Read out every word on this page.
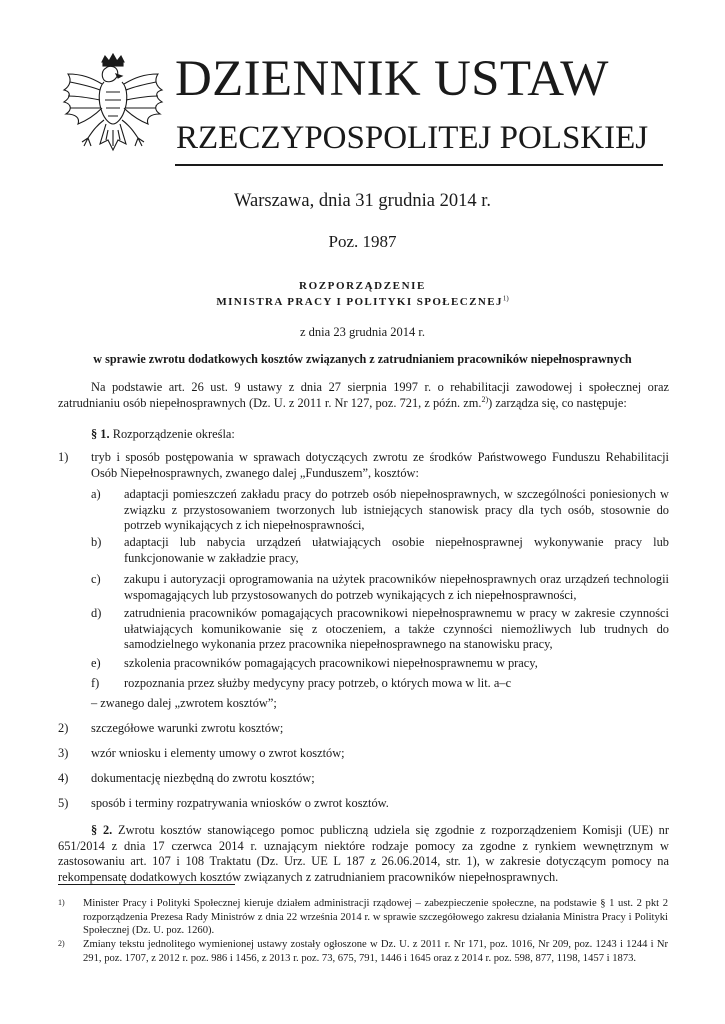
DZIENNIK USTAW
RZECZYPOSPOLITEJ POLSKIEJ
Warszawa, dnia 31 grudnia 2014 r.
Poz. 1987
ROZPORZĄDZENIE
MINISTRA PRACY I POLITYKI SPOŁECZNEJ$^{1)}$
z dnia 23 grudnia 2014 r.
w sprawie zwrotu dodatkowych kosztów związanych z zatrudnianiem pracowników niepełnosprawnych
Na podstawie art. 26 ust. 9 ustawy z dnia 27 sierpnia 1997 r. o rehabilitacji zawodowej i społecznej oraz zatrudnianiu osób niepełnosprawnych (Dz. U. z 2011 r. Nr 127, poz. 721, z późn. zm.$^{2)}$) zarządza się, co następuje:
§ 1. Rozporządzenie określa:
1) tryb i sposób postępowania w sprawach dotyczących zwrotu ze środków Państwowego Funduszu Rehabilitacji Osób Niepełnosprawnych, zwanego dalej „Funduszem”, kosztów:
a) adaptacji pomieszczeń zakładu pracy do potrzeb osób niepełnosprawnych, w szczególności poniesionych w związku z przystosowaniem tworzonych lub istniejących stanowisk pracy dla tych osób, stosownie do potrzeb wynikających z ich niepełnosprawności,
b) adaptacji lub nabycia urządzeń ułatwiających osobie niepełnosprawnej wykonywanie pracy lub funkcjonowanie w zakładzie pracy,
c) zakupu i autoryzacji oprogramowania na użytek pracowników niepełnosprawnych oraz urządzeń technologii wspomagających lub przystosowanych do potrzeb wynikających z ich niepełnosprawności,
d) zatrudnienia pracowników pomagających pracownikowi niepełnosprawnemu w pracy w zakresie czynności ułatwiających komunikowanie się z otoczeniem, a także czynności niemożliwych lub trudnych do samodzielnego wykonania przez pracownika niepełnosprawnego na stanowisku pracy,
e) szkolenia pracowników pomagających pracownikowi niepełnosprawnemu w pracy,
f) rozpoznania przez służby medycyny pracy potrzeb, o których mowa w lit. a–c
– zwanego dalej „zwrotem kosztów”;
2) szczegółowe warunki zwrotu kosztów;
3) wzór wniosku i elementy umowy o zwrot kosztów;
4) dokumentację niezbędną do zwrotu kosztów;
5) sposób i terminy rozpatrywania wniosków o zwrot kosztów.
§ 2. Zwrotu kosztów stanowiącego pomoc publiczną udziela się zgodnie z rozporządzeniem Komisji (UE) nr 651/2014 z dnia 17 czerwca 2014 r. uznającym niektóre rodzaje pomocy za zgodne z rynkiem wewnętrznym w zastosowaniu art. 107 i 108 Traktatu (Dz. Urz. UE L 187 z 26.06.2014, str. 1), w zakresie dotyczącym pomocy na rekompensatę dodatkowych kosztów związanych z zatrudnianiem pracowników niepełnosprawnych.
1) Minister Pracy i Polityki Społecznej kieruje działem administracji rządowej – zabezpieczenie społeczne, na podstawie § 1 ust. 2 pkt 2 rozporządzenia Prezesa Rady Ministrów z dnia 22 września 2014 r. w sprawie szczegółowego zakresu działania Ministra Pracy i Polityki Społecznej (Dz. U. poz. 1260).
2) Zmiany tekstu jednolitego wymienionej ustawy zostały ogłoszone w Dz. U. z 2011 r. Nr 171, poz. 1016, Nr 209, poz. 1243 i 1244 i Nr 291, poz. 1707, z 2012 r. poz. 986 i 1456, z 2013 r. poz. 73, 675, 791, 1446 i 1645 oraz z 2014 r. poz. 598, 877, 1198, 1457 i 1873.
